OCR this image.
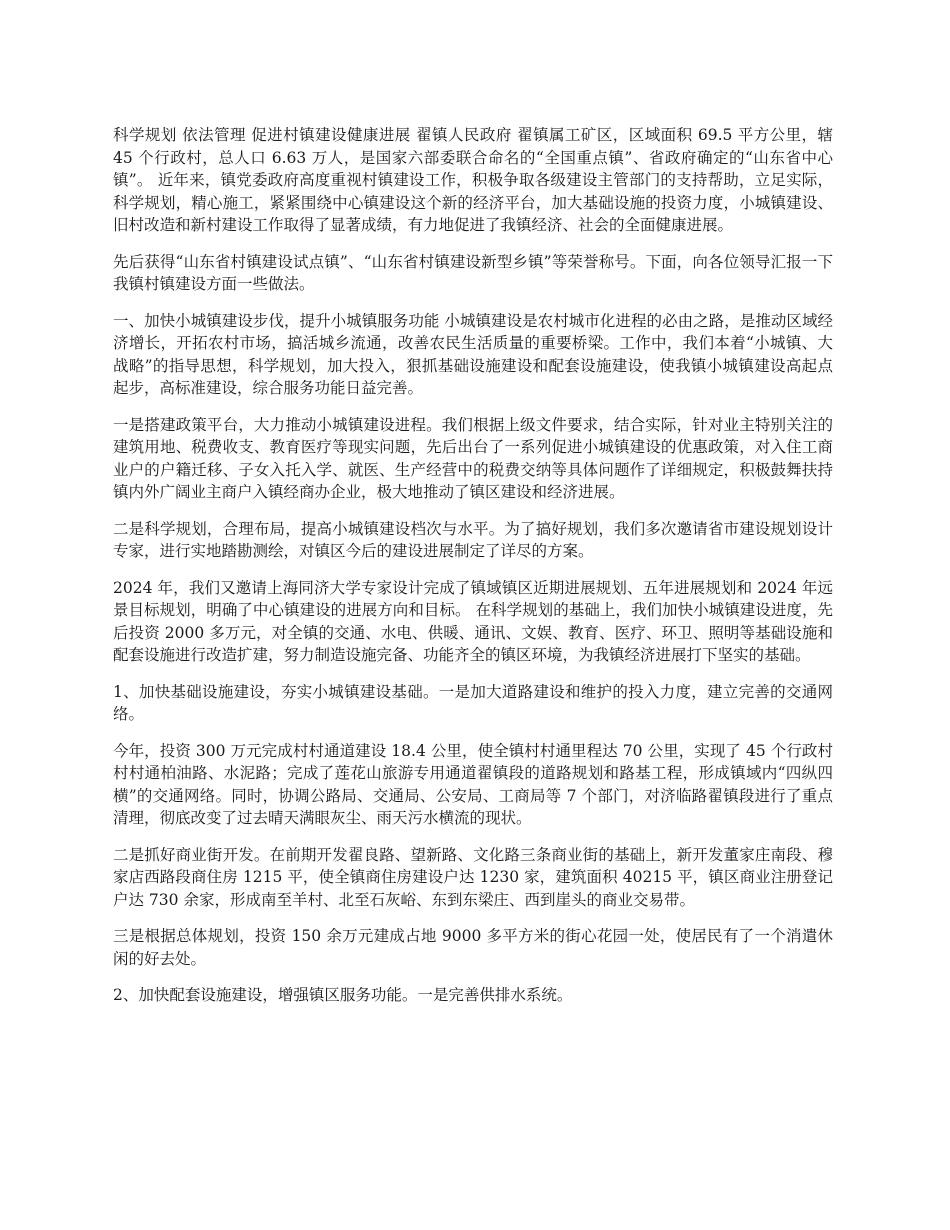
科学规划 依法管理 促进村镇建设健康进展 翟镇人民政府 翟镇属工矿区，区域面积 69.5 平方公里，辖 45 个行政村，总人口 6.63 万人，是国家六部委联合命名的“全国重点镇”、省政府确定的“山东省中心镇”。 近年来，镇党委政府高度重视村镇建设工作，积极争取各级建设主管部门的支持帮助，立足实际，科学规划，精心施工，紧紧围绕中心镇建设这个新的经济平台，加大基础设施的投资力度，小城镇建设、旧村改造和新村建设工作取得了显著成绩，有力地促进了我镇经济、社会的全面健康进展。

先后获得“山东省村镇建设试点镇”、“山东省村镇建设新型乡镇”等荣誉称号。下面，向各位领导汇报一下我镇村镇建设方面一些做法。

一、加快小城镇建设步伐，提升小城镇服务功能 小城镇建设是农村城市化进程的必由之路，是推动区域经济增长，开拓农村市场，搞活城乡流通，改善农民生活质量的重要桥梁。工作中，我们本着“小城镇、大战略”的指导思想，科学规划，加大投入，狠抓基础设施建设和配套设施建设，使我镇小城镇建设高起点起步，高标准建设，综合服务功能日益完善。

一是搭建政策平台，大力推动小城镇建设进程。我们根据上级文件要求，结合实际，针对业主特别关注的建筑用地、税费收支、教育医疗等现实问题，先后出台了一系列促进小城镇建设的优惠政策，对入住工商业户的户籍迁移、子女入托入学、就医、生产经营中的税费交纳等具体问题作了详细规定，积极鼓舞扶持镇内外广阔业主商户入镇经商办企业，极大地推动了镇区建设和经济进展。

二是科学规划，合理布局，提高小城镇建设档次与水平。为了搞好规划，我们多次邀请省市建设规划设计专家，进行实地踏勘测绘，对镇区今后的建设进展制定了详尽的方案。

2024 年，我们又邀请上海同济大学专家设计完成了镇域镇区近期进展规划、五年进展规划和 2024 年远景目标规划，明确了中心镇建设的进展方向和目标。 在科学规划的基础上，我们加快小城镇建设进度，先后投资 2000 多万元，对全镇的交通、水电、供暖、通讯、文娱、教育、医疗、环卫、照明等基础设施和配套设施进行改造扩建，努力制造设施完备、功能齐全的镇区环境，为我镇经济进展打下坚实的基础。

1、加快基础设施建设，夯实小城镇建设基础。一是加大道路建设和维护的投入力度，建立完善的交通网络。

今年，投资 300 万元完成村村通道建设 18.4 公里，使全镇村村通里程达 70 公里，实现了 45 个行政村村村通柏油路、水泥路；完成了莲花山旅游专用通道翟镇段的道路规划和路基工程，形成镇域内“四纵四横”的交通网络。同时，协调公路局、交通局、公安局、工商局等 7 个部门，对济临路翟镇段进行了重点清理，彻底改变了过去晴天满眼灰尘、雨天污水横流的现状。

二是抓好商业街开发。在前期开发翟良路、望新路、文化路三条商业街的基础上，新开发董家庄南段、穆家店西路段商住房 1215 平，使全镇商住房建设户达 1230 家，建筑面积 40215 平，镇区商业注册登记户达 730 余家，形成南至羊村、北至石灰峪、东到东梁庄、西到崖头的商业交易带。

三是根据总体规划，投资 150 余万元建成占地 9000 多平方米的街心花园一处，使居民有了一个消遣休闲的好去处。

2、加快配套设施建设，增强镇区服务功能。一是完善供排水系统。
